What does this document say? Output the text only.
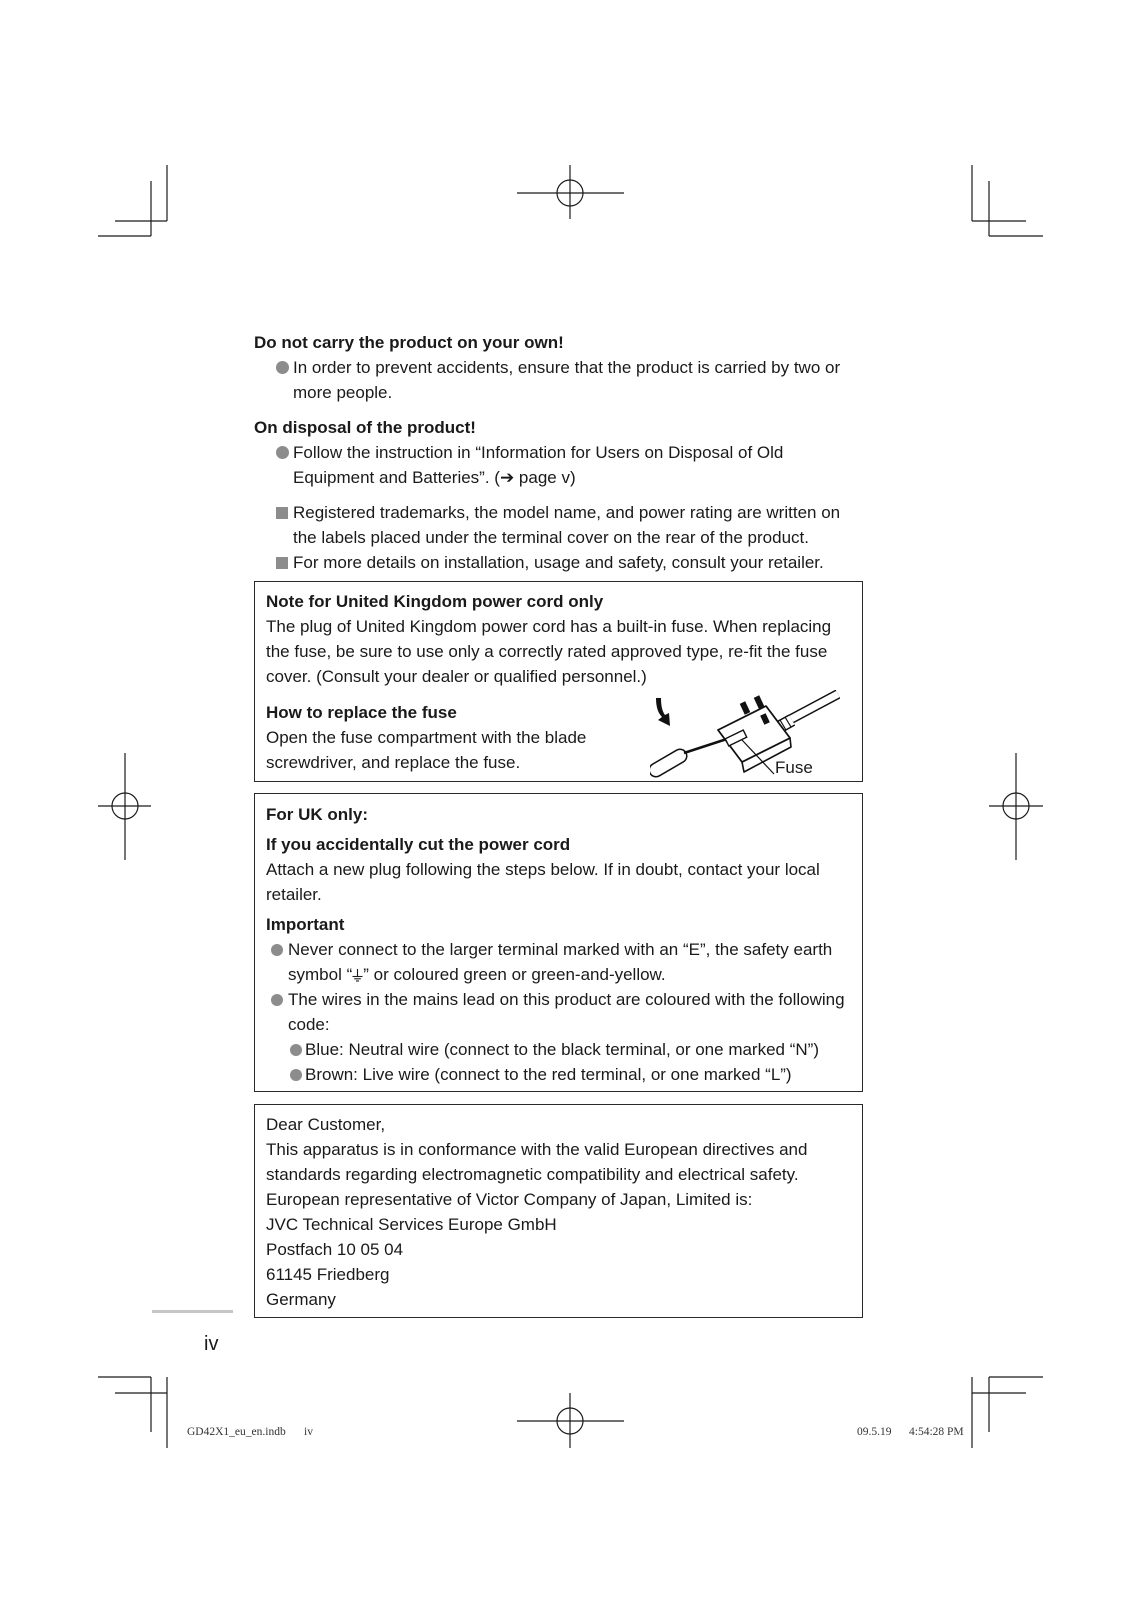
Do not carry the product on your own!
In order to prevent accidents, ensure that the product is carried by two or more people.
On disposal of the product!
Follow the instruction in “Information for Users on Disposal of Old Equipment and Batteries”. (➔ page v)
Registered trademarks, the model name, and power rating are written on the labels placed under the terminal cover on the rear of the product.
For more details on installation, usage and safety, consult your retailer.
Note for United Kingdom power cord only
The plug of United Kingdom power cord has a built-in fuse. When replacing the fuse, be sure to use only a correctly rated approved type, re-fit the fuse cover. (Consult your dealer or qualified personnel.)
How to replace the fuse
Open the fuse compartment with the blade screwdriver, and replace the fuse.	Fuse
For UK only:
If you accidentally cut the power cord
Attach a new plug following the steps below. If in doubt, contact your local retailer.
Important
Never connect to the larger terminal marked with an “E”, the safety earth symbol “ ” or coloured green or green-and-yellow.
The wires in the mains lead on this product are coloured with the following code:
Blue: Neutral wire (connect to the black terminal, or one marked “N”)
Brown: Live wire (connect to the red terminal, or one marked “L”)
Dear Customer,
This apparatus is in conformance with the valid European directives and standards regarding electromagnetic compatibility and electrical safety.
European representative of Victor Company of Japan, Limited is:
JVC Technical Services Europe GmbH
Postfach 10 05 04
61145 Friedberg
Germany
iv
GD42X1_eu_en.indb iv	09.5.19 4:54:28 PM
